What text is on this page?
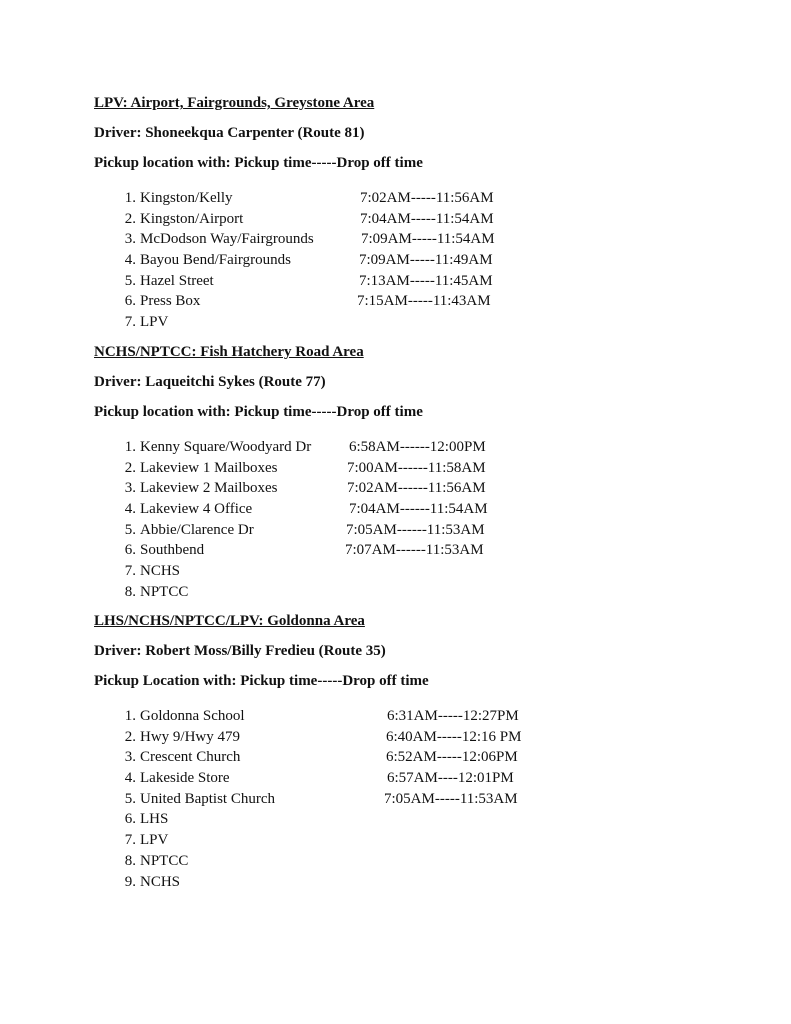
LPV: Airport, Fairgrounds, Greystone Area
Driver: Shoneekqua Carpenter (Route 81)
Pickup location with: Pickup time-----Drop off time
1. Kingston/Kelly	7:02AM-----11:56AM
2. Kingston/Airport	7:04AM-----11:54AM
3. McDodson Way/Fairgrounds	7:09AM-----11:54AM
4. Bayou Bend/Fairgrounds	7:09AM-----11:49AM
5. Hazel Street	7:13AM-----11:45AM
6. Press Box	7:15AM-----11:43AM
7. LPV
NCHS/NPTCC: Fish Hatchery Road Area
Driver: Laqueitchi Sykes (Route 77)
Pickup location with: Pickup time-----Drop off time
1. Kenny Square/Woodyard Dr	6:58AM------12:00PM
2. Lakeview 1 Mailboxes	7:00AM------11:58AM
3. Lakeview 2 Mailboxes	7:02AM------11:56AM
4. Lakeview 4 Office	7:04AM------11:54AM
5. Abbie/Clarence Dr	7:05AM------11:53AM
6. Southbend	7:07AM------11:53AM
7. NCHS
8. NPTCC
LHS/NCHS/NPTCC/LPV: Goldonna Area
Driver: Robert Moss/Billy Fredieu (Route 35)
Pickup Location with: Pickup time-----Drop off time
1. Goldonna School	6:31AM-----12:27PM
2. Hwy 9/Hwy 479	6:40AM-----12:16 PM
3. Crescent Church	6:52AM-----12:06PM
4. Lakeside Store	6:57AM----12:01PM
5. United Baptist Church	7:05AM-----11:53AM
6. LHS
7. LPV
8. NPTCC
9. NCHS
